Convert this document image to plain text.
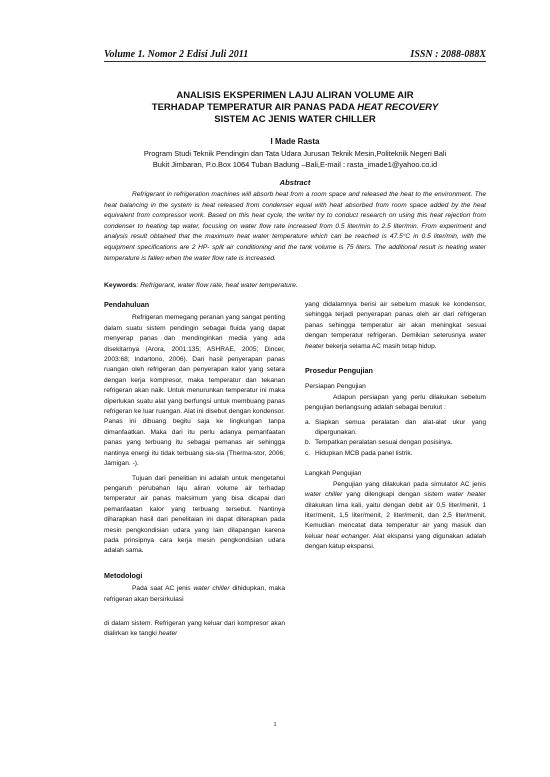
Volume 1. Nomor 2 Edisi Juli 2011	ISSN : 2088-088X
ANALISIS EKSPERIMEN LAJU ALIRAN VOLUME AIR
TERHADAP TEMPERATUR AIR PANAS PADA HEAT RECOVERY
SISTEM AC JENIS WATER CHILLER
I Made Rasta
Program Studi Teknik Pendingin dan Tata Udara Jurusan Teknik Mesin,Politeknik Negeri Bali
Bukit Jimbaran, P.o.Box 1064 Tuban Badung –Bali,E-mail : rasta_imade1@yahoo.co.id
Abstract
Refrigerant in refrigeration machines will absorb heat from a room space and released the heat to the environment. The heat balancing in the system is heat released from condenser equal with heat absorbed from room space added by the heat equivalent from compressor work. Based on this heat cycle, the writer try to conduct research on using this heat rejection from condenser to heating tap water, focusing on water flow rate increased from 0.5 liter/min to 2.5 liter/min. From experiment and analysis result obtained that the maximum heat water temperature which can be reached is 47.5°C in 0.5 liter/min, with the equipment specifications are 2 HP- split air conditioning and the tank volume is 75 liters. The additional result is heating water temperature is fallen when the water flow rate is increased.
Keywords: Refrigerant, water flow rate, heat water temperature.
Pendahuluan

Refrigeran memegang peranan yang sangat penting dalam suatu sistem pendingin sebagai fluida yang dapat menyerap panas dan mendinginkan media yang ada disekitarnya (Arora, 2001:135; ASHRAE, 2005; Dincer, 2003:68; Indartono, 2006). Dari hasil penyerapan panas ruangan oleh refrigeran dan penyerapan kalor yang setara dengan kerja kompresor, maka temperatur dan tekanan refrigeran akan naik. Untuk menurunkan temperatur ini maka diperlukan suatu alat yang berfungsi untuk membuang panas refrigeran ke luar ruangan. Alat ini disebut dengan kondensor. Panas ini dibuang begitu saja ke lingkungan tanpa dimanfaatkan. Maka dari itu perlu adanya pemanfaatan panas yang terbuang itu sebagai pemanas air sehingga nantinya energi itu tidak terbuang sia-sia (Therma-stor, 2006; Jamigan. -).

Tujuan dari penelitian ini adalah untuk mengetahui pengaruh perubahan laju aliran volume air terhadap temperatur air panas maksimum yang bisa dicapai dari pemanfaatan kalor yang terbuang tersebut. Nantinya diharapkan hasil dari penelitaian ini dapat diterapkan pada mesin pengkondisian udara yang lain dilapangan karena pada prinsipnya cara kerja mesin pengkondisian udara adalah sama.

Metodologi

Pada saat AC jenis water chiller dihidupkan, maka refrigeran akan bersirkulasi

di dalam sistem. Refrigeran yang keluar dari kompresor akan dialirkan ke tangki heater

yang didalamnya berisi air sebelum masuk ke kondensor, sehingga terjadi penyerapan panas oleh air dari refrigeran panas sehingga temperatur air akan meningkat sesuai dengan temperatur refrigeran. Demikian seterusnya water heater bekerja selama AC masih tetap hidup.

Prosedur Pengujian
Persiapan Pengujian

Adapun persiapan yang perlu dilakukan sebelum pengujian berlangsung adalah sebagai berukut :

a. Siapkan semua peralatan dan alat-alat ukur yang dipergunakan.
b. Tempatkan peralatan sesuai dengan posisinya.
c. Hidupkan MCB pada panel listrik.
Langkah Pengujian

Pengujian yang dilakukan pada simulator AC jenis water chiller yang dilengkapi dengan sistem water heater dilakukan lima kali, yaitu dengan debit air 0,5 liter/menit, 1 liter/menit, 1,5 liter/menit, 2 liter/menit, dan 2,5 liter/menit. Kemudian mencatat data temperatur air yang masuk dan keluar heat echanger. Alat ekspansi yang digunakan adalah dengan katup ekspansi.

1
